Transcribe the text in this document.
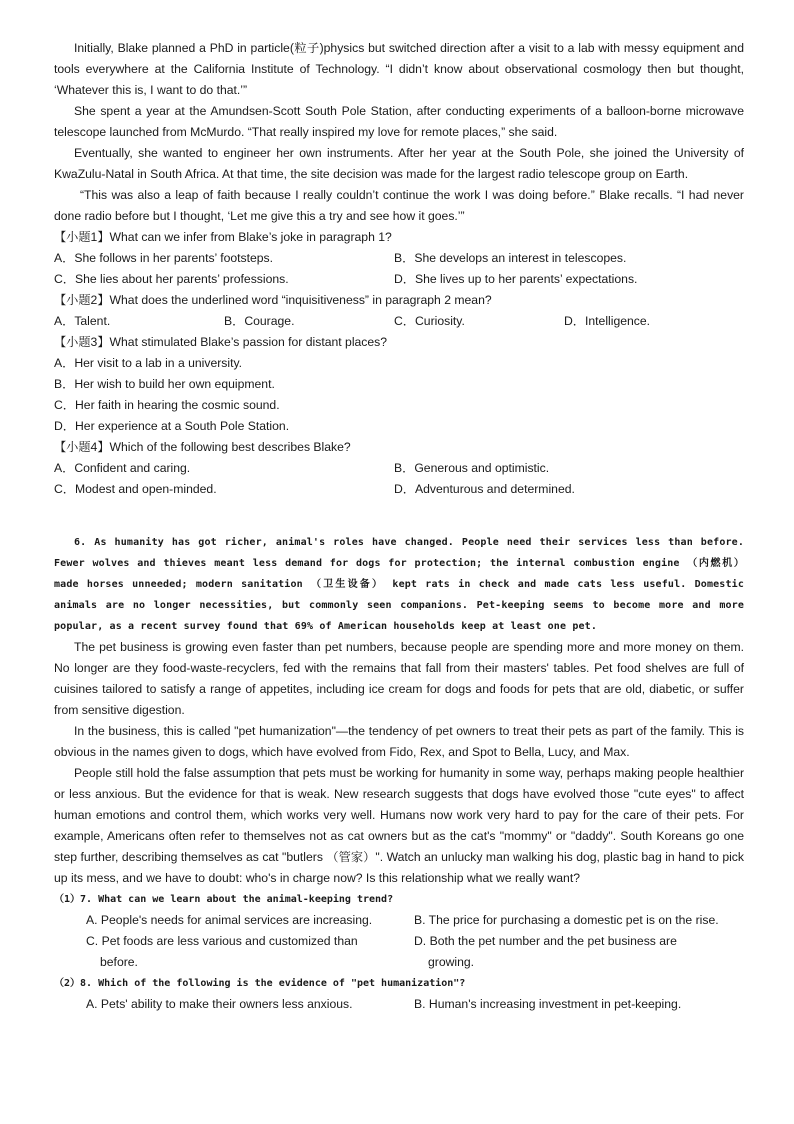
Initially, Blake planned a PhD in particle(粒子)physics but switched direction after a visit to a lab with messy equipment and tools everywhere at the California Institute of Technology. “I didn’t know about observational cosmology then but thought, ‘Whatever this is, I want to do that.’”

She spent a year at the Amundsen-Scott South Pole Station, after conducting experiments of a balloon-borne microwave telescope launched from McMurdo. “That really inspired my love for remote places,” she said.

Eventually, she wanted to engineer her own instruments. After her year at the South Pole, she joined the University of KwaZulu-Natal in South Africa. At that time, the site decision was made for the largest radio telescope group on Earth.

“This was also a leap of faith because I really couldn’t continue the work I was doing before.” Blake recalls. “I had never done radio before but I thought, ‘Let me give this a try and see how it goes.’”

【小题1】What can we infer from Blake’s joke in paragraph 1?

A．She follows in her parents’ footsteps.	B．She develops an interest in telescopes.
C．She lies about her parents’ professions.	D．She lives up to her parents’ expectations.

【小题2】What does the underlined word “inquisitiveness” in paragraph 2 mean?

A．Talent.	B．Courage.	C．Curiosity.	D．Intelligence.

【小题3】What stimulated Blake’s passion for distant places?

A．Her visit to a lab in a university.
B．Her wish to build her own equipment.
C．Her faith in hearing the cosmic sound.
D．Her experience at a South Pole Station.

【小题4】Which of the following best describes Blake?

A．Confident and caring.	B．Generous and optimistic.
C．Modest and open-minded.	D．Adventurous and determined.

6. As humanity has got richer, animal's roles have changed. People need their services less than before. Fewer wolves and thieves meant less demand for dogs for protection; the internal combustion engine （内燃机） made horses unneeded; modern sanitation （卫生设备） kept rats in check and made cats less useful. Domestic animals are no longer necessities, but commonly seen companions. Pet-keeping seems to become more and more popular, as a recent survey found that 69% of American households keep at least one pet.

The pet business is growing even faster than pet numbers, because people are spending more and more money on them. No longer are they food-waste-recyclers, fed with the remains that fall from their masters' tables. Pet food shelves are full of cuisines tailored to satisfy a range of appetites, including ice cream for dogs and foods for pets that are old, diabetic, or suffer from sensitive digestion.

In the business, this is called "pet humanization"—the tendency of pet owners to treat their pets as part of the family. This is obvious in the names given to dogs, which have evolved from Fido, Rex, and Spot to Bella, Lucy, and Max.

People still hold the false assumption that pets must be working for humanity in some way, perhaps making people healthier or less anxious. But the evidence for that is weak. New research suggests that dogs have evolved those "cute eyes" to affect human emotions and control them, which works very well. Humans now work very hard to pay for the care of their pets. For example, Americans often refer to themselves not as cat owners but as the cat's "mommy" or "daddy". South Koreans go one step further, describing themselves as cat "butlers （管家）". Watch an unlucky man walking his dog, plastic bag in hand to pick up its mess, and we have to doubt: who's in charge now? Is this relationship what we really want?

（1）7. What can we learn about the animal-keeping trend?

A. People's needs for animal services are increasing.	B. The price for purchasing a domestic pet is on the rise.
C. Pet foods are less various and customized than before.
D. Both the pet number and the pet business are growing.

（2）8. Which of the following is the evidence of "pet humanization"?

A. Pets' ability to make their owners less anxious.	B. Human's increasing investment in pet-keeping.
